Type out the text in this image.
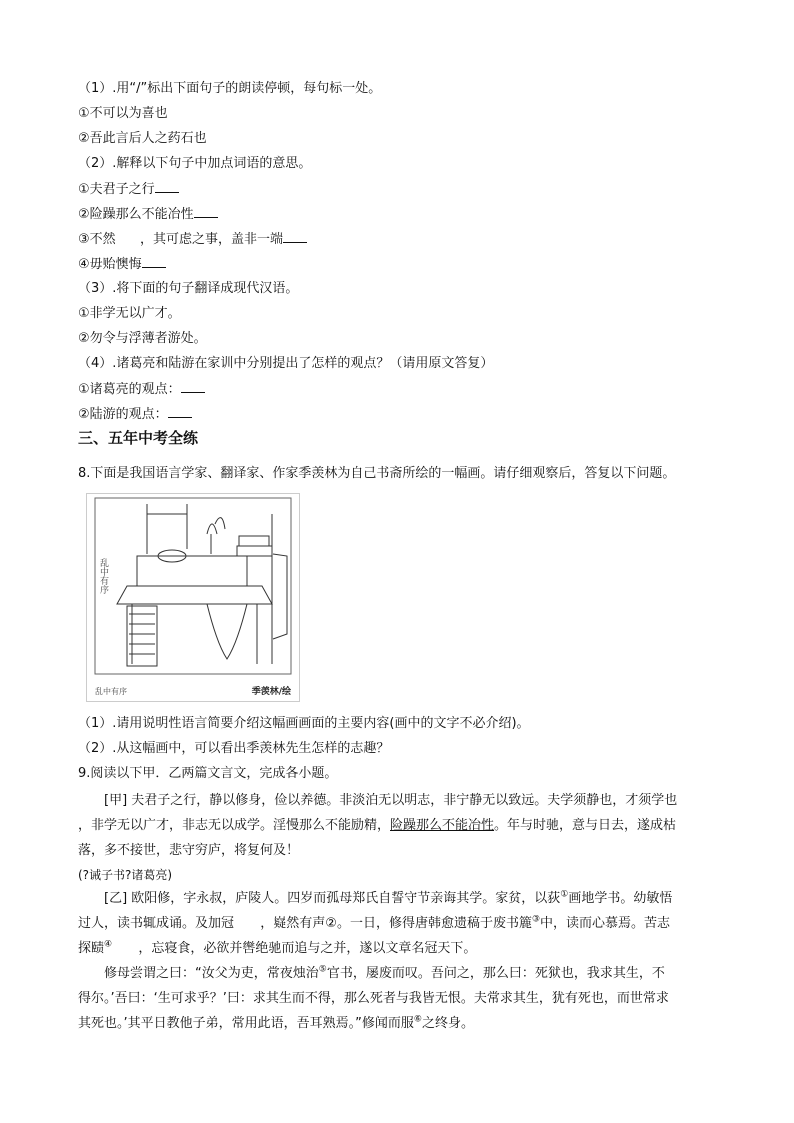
（1）.用“/”标出下面句子的朗读停顿，每句标一处。
①不可以为喜也
②吾此言后人之药石也
（2）.解释以下句子中加点词语的意思。
①夫君子之行
②险躁那么不能冶性
③不然 ，其可虑之事，盖非一端
④毋贻懊悔
（3）.将下面的句子翻译成现代汉语。
①非学无以广才。
②勿令与浮薄者游处。
（4）.诸葛亮和陆游在家训中分别提出了怎样的观点？（请用原文答复）
①诸葛亮的观点：
②陆游的观点：
三、五年中考全练
8.下面是我国语言学家、翻译家、作家季羡林为自己书斋所绘的一幅画。请仔细观察后，答复以下问题。
乱中有序
乱中有序	季羡林/绘
（1）.请用说明性语言简要介绍这幅画画面的主要内容(画中的文字不必介绍)。
（2）.从这幅画中，可以看出季羡林先生怎样的志趣？
9.阅读以下甲．乙两篇文言文，完成各小题。
[甲] 夫君子之行，静以修身，俭以养德。非淡泊无以明志，非宁静无以致远。夫学须静也，才须学也
，非学无以广才，非志无以成学。淫慢那么不能励精，险躁那么不能冶性。年与时驰，意与日去，遂成枯
落，多不接世，悲守穷庐，将复何及！
(?诫子书?诸葛亮)
[乙] 欧阳修，字永叔，庐陵人。四岁而孤母郑氏自誓守节亲诲其学。家贫，以荻①画地学书。幼敏悟
过人，读书辄成诵。及加冠 ，嶷然有声②。一日，修得唐韩愈遗稿于废书簏③中，读而心慕焉。苦志
探赜④ ，忘寝食，必欲并辔绝驰而追与之并，遂以文章名冠天下。
修母尝谓之曰：“汝父为吏，常夜烛治⑤官书，屡废而叹。吾问之，那么曰：死狱也，我求其生，不
得尔。’吾曰：‘生可求乎？’曰：求其生而不得，那么死者与我皆无恨。夫常求其生，犹有死也，而世常求
其死也。’其平日教他子弟，常用此语，吾耳熟焉。”修闻而服⑥之终身。
